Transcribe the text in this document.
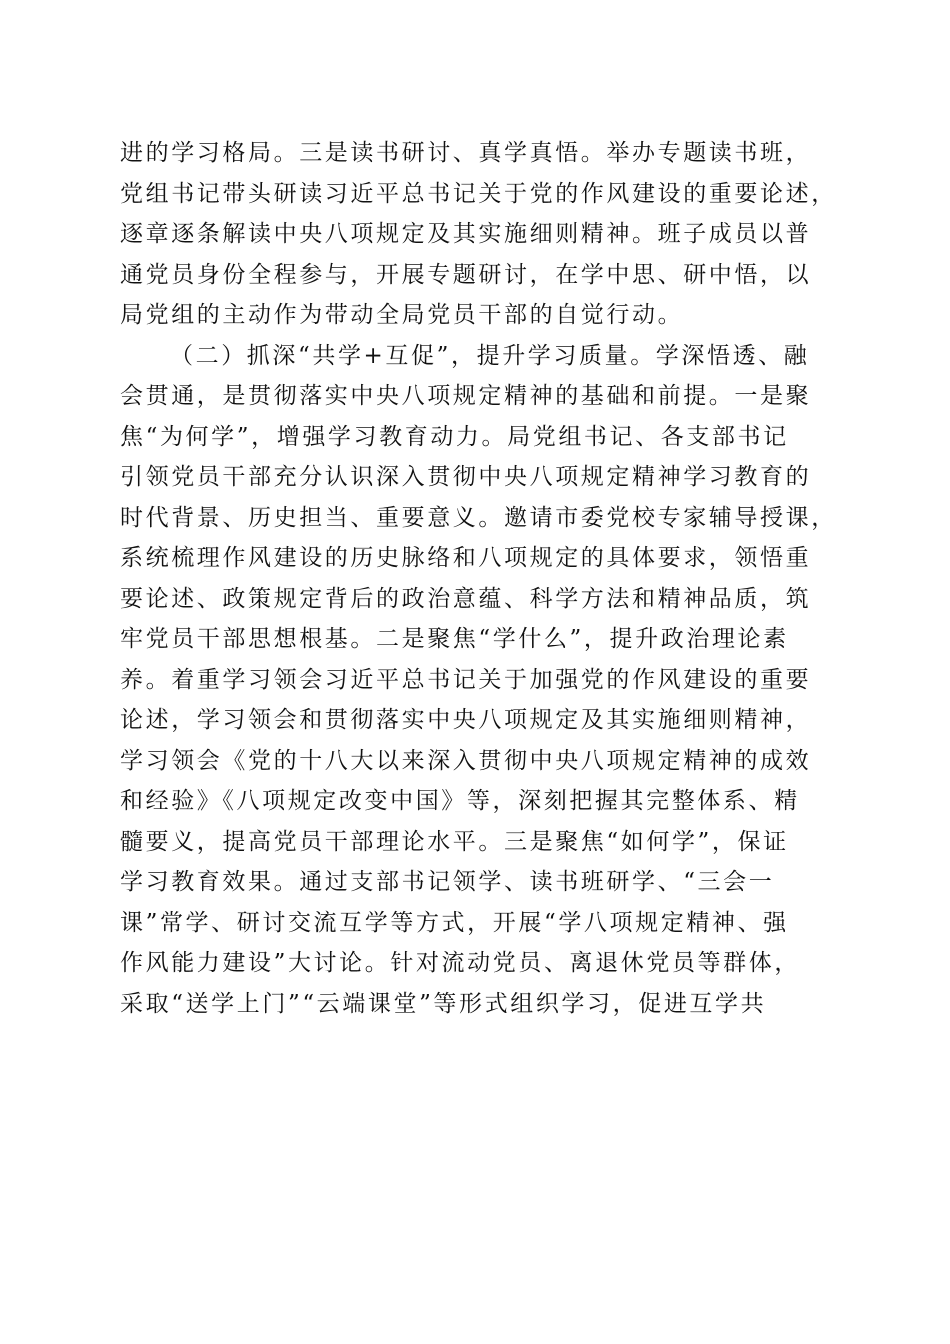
进的学习格局。三是读书研讨、真学真悟。举办专题读书班，
党组书记带头研读习近平总书记关于党的作风建设的重要论述，
逐章逐条解读中央八项规定及其实施细则精神。班子成员以普
通党员身份全程参与，开展专题研讨，在学中思、研中悟，以
局党组的主动作为带动全局党员干部的自觉行动。
（二）抓深“共学+互促”，提升学习质量。学深悟透、融
会贯通，是贯彻落实中央八项规定精神的基础和前提。一是聚
焦“为何学”，增强学习教育动力。局党组书记、各支部书记
引领党员干部充分认识深入贯彻中央八项规定精神学习教育的
时代背景、历史担当、重要意义。邀请市委党校专家辅导授课，
系统梳理作风建设的历史脉络和八项规定的具体要求，领悟重
要论述、政策规定背后的政治意蕴、科学方法和精神品质，筑
牢党员干部思想根基。二是聚焦“学什么”，提升政治理论素
养。着重学习领会习近平总书记关于加强党的作风建设的重要
论述，学习领会和贯彻落实中央八项规定及其实施细则精神，
学习领会《党的十八大以来深入贯彻中央八项规定精神的成效
和经验》《八项规定改变中国》等，深刻把握其完整体系、精
髓要义，提高党员干部理论水平。三是聚焦“如何学”，保证
学习教育效果。通过支部书记领学、读书班研学、“三会一
课”常学、研讨交流互学等方式，开展“学八项规定精神、强
作风能力建设”大讨论。针对流动党员、离退休党员等群体，
采取“送学上门”“云端课堂”等形式组织学习，促进互学共
